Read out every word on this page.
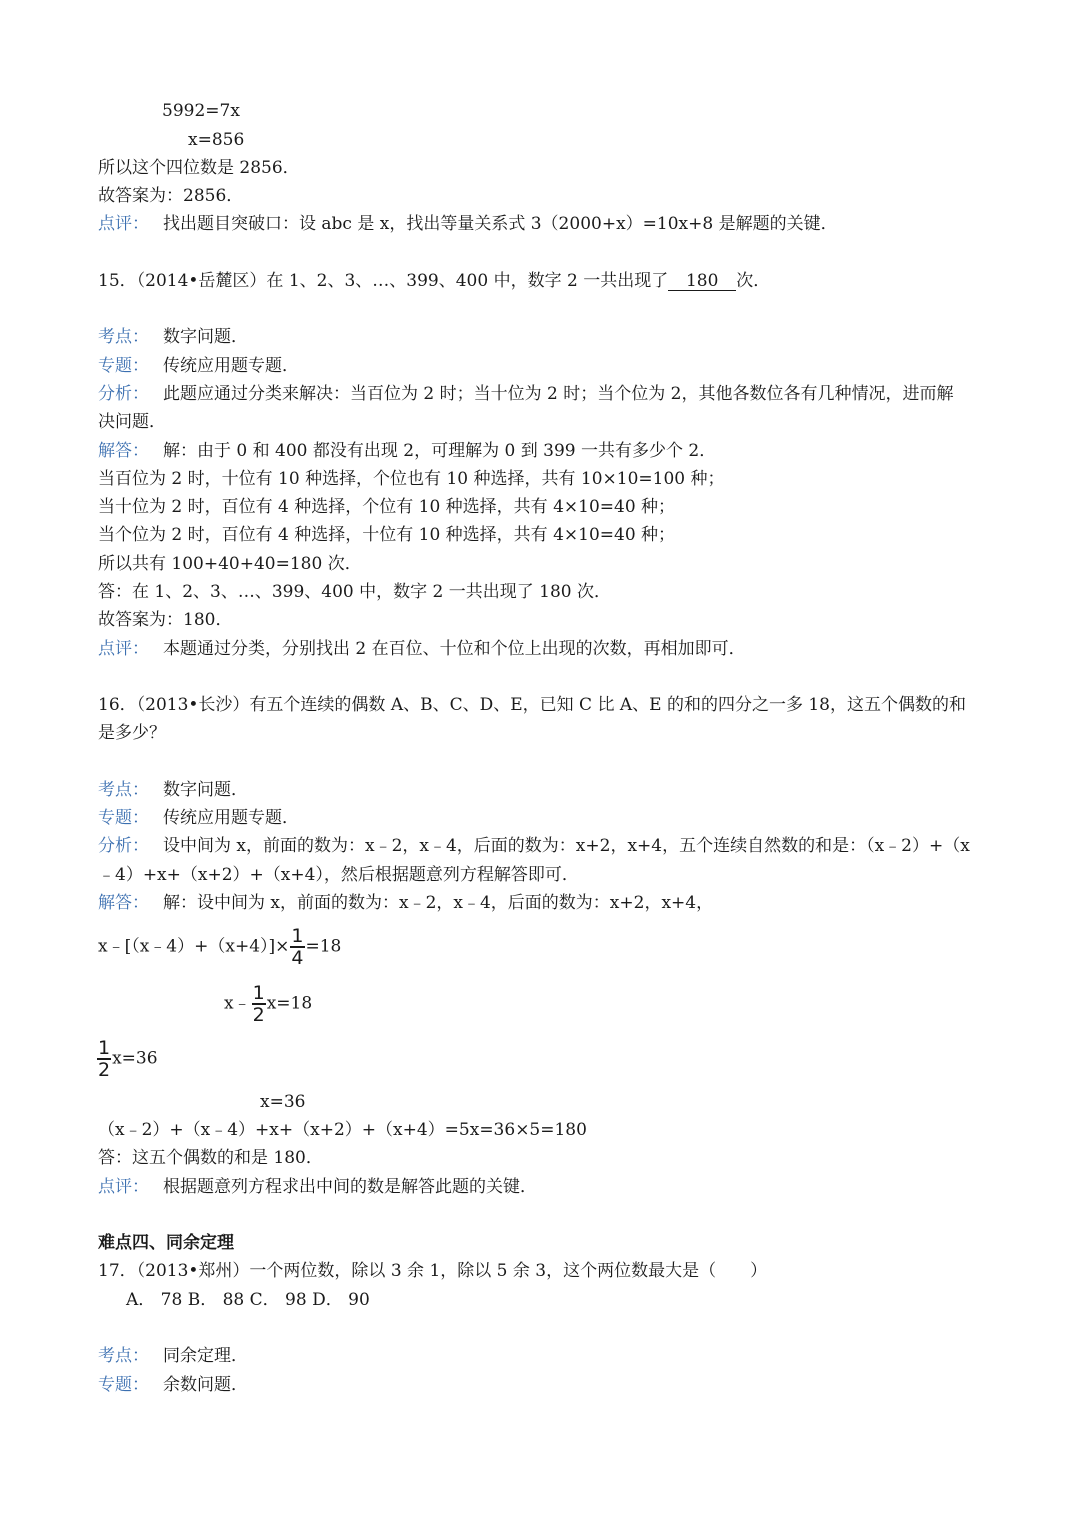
5992=7x
x=856
所以这个四位数是 2856．
故答案为：2856．
点评： 找出题目突破口：设 abc 是 x，找出等量关系式 3（2000+x）=10x+8 是解题的关键．
15．（2014•岳麓区）在 1、2、3、…、399、400 中，数字 2 一共出现了 180 次．
考点： 数字问题．
专题： 传统应用题专题．
分析： 此题应通过分类来解决：当百位为 2 时；当十位为 2 时；当个位为 2，其他各数位各有几种情况，进而解
决问题．
解答： 解：由于 0 和 400 都没有出现 2，可理解为 0 到 399 一共有多少个 2．
当百位为 2 时，十位有 10 种选择，个位也有 10 种选择，共有 10×10=100 种；
当十位为 2 时，百位有 4 种选择，个位有 10 种选择，共有 4×10=40 种；
当个位为 2 时，百位有 4 种选择，十位有 10 种选择，共有 4×10=40 种；
所以共有 100+40+40=180 次．
答：在 1、2、3、…、399、400 中，数字 2 一共出现了 180 次．
故答案为：180．
点评： 本题通过分类，分别找出 2 在百位、十位和个位上出现的次数，再相加即可．
16．（2013•长沙）有五个连续的偶数 A、B、C、D、E，已知 C 比 A、E 的和的四分之一多 18，这五个偶数的和
是多少？
考点： 数字问题．
专题： 传统应用题专题．
分析： 设中间为 x，前面的数为：x﹣2，x﹣4，后面的数为：x+2，x+4，五个连续自然数的和是：（x﹣2）+（x
﹣4）+x+（x+2）+（x+4），然后根据题意列方程解答即可．
解答： 解：设中间为 x，前面的数为：x﹣2，x﹣4，后面的数为：x+2，x+4，
x﹣[（x﹣4）+（x+4）]× $\frac{1}{4} =18$
x﹣ $\frac{1}{2} x=18$
$\frac{1}{2} x=36$
x=36
（x﹣2）+（x﹣4）+x+（x+2）+（x+4）=5x=36×5=180
答：这五个偶数的和是 180．
点评： 根据题意列方程求出中间的数是解答此题的关键．
难点四、同余定理
17．（2013•郑州）一个两位数，除以 3 余 1，除以 5 余 3，这个两位数最大是（　　）
A． 78 B． 88 C． 98 D． 90
考点： 同余定理．
专题： 余数问题．
